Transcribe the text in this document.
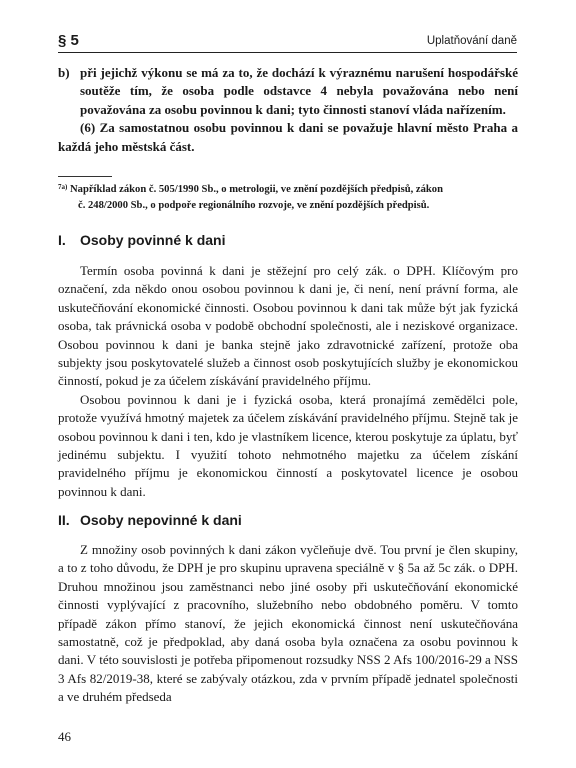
§ 5	Uplatňování daně
b) při jejichž výkonu se má za to, že dochází k výraznému narušení hospodářské soutěže tím, že osoba podle odstavce 4 nebyla považována nebo není považována za osobu povinnou k dani; tyto činnosti stanoví vláda nařízením.

(6) Za samostatnou osobu povinnou k dani se považuje hlavní město Praha a každá jeho městská část.

$^{7a)}$ Například zákon č. 505/1990 Sb., o metrologii, ve znění pozdějších předpisů, zákon
č. 248/2000 Sb., o podpoře regionálního rozvoje, ve znění pozdějších předpisů.
I. Osoby povinné k dani

Termín osoba povinná k dani je stěžejní pro celý zák. o DPH. Klíčovým pro označení, zda někdo onou osobou povinnou k dani je, či není, není právní forma, ale uskutečňování ekonomické činnosti. Osobou povinnou k dani tak může být jak fyzická osoba, tak právnická osoba v podobě obchodní společnosti, ale i neziskové organizace. Osobou povinnou k dani je banka stejně jako zdravotnické zařízení, protože oba subjekty jsou poskytovatelé služeb a činnost osob poskytujících služby je ekonomickou činností, pokud je za účelem získávání pravidelného příjmu.

Osobou povinnou k dani je i fyzická osoba, která pronajímá zemědělci pole, protože využívá hmotný majetek za účelem získávání pravidelného příjmu. Stejně tak je osobou povinnou k dani i ten, kdo je vlastníkem licence, kterou poskytuje za úplatu, byť jedinému subjektu. I využití tohoto nehmotného majetku za účelem získání pravidelného příjmu je ekonomickou činností a poskytovatel licence je osobou povinnou k dani.

II. Osoby nepovinné k dani

Z množiny osob povinných k dani zákon vyčleňuje dvě. Tou první je člen skupiny, a to z toho důvodu, že DPH je pro skupinu upravena speciálně v § 5a až 5c zák. o DPH. Druhou množinou jsou zaměstnanci nebo jiné osoby při uskutečňování ekonomické činnosti vyplývající z pracovního, služebního nebo obdobného poměru. V tomto případě zákon přímo stanoví, že jejich ekonomická činnost není uskutečňována samostatně, což je předpoklad, aby daná osoba byla označena za osobu povinnou k dani. V této souvislosti je potřeba připomenout rozsudky NSS 2 Afs 100/2016-29 a NSS 3 Afs 82/2019-38, které se zabývaly otázkou, zda v prvním případě jednatel společnosti a ve druhém předseda

46
